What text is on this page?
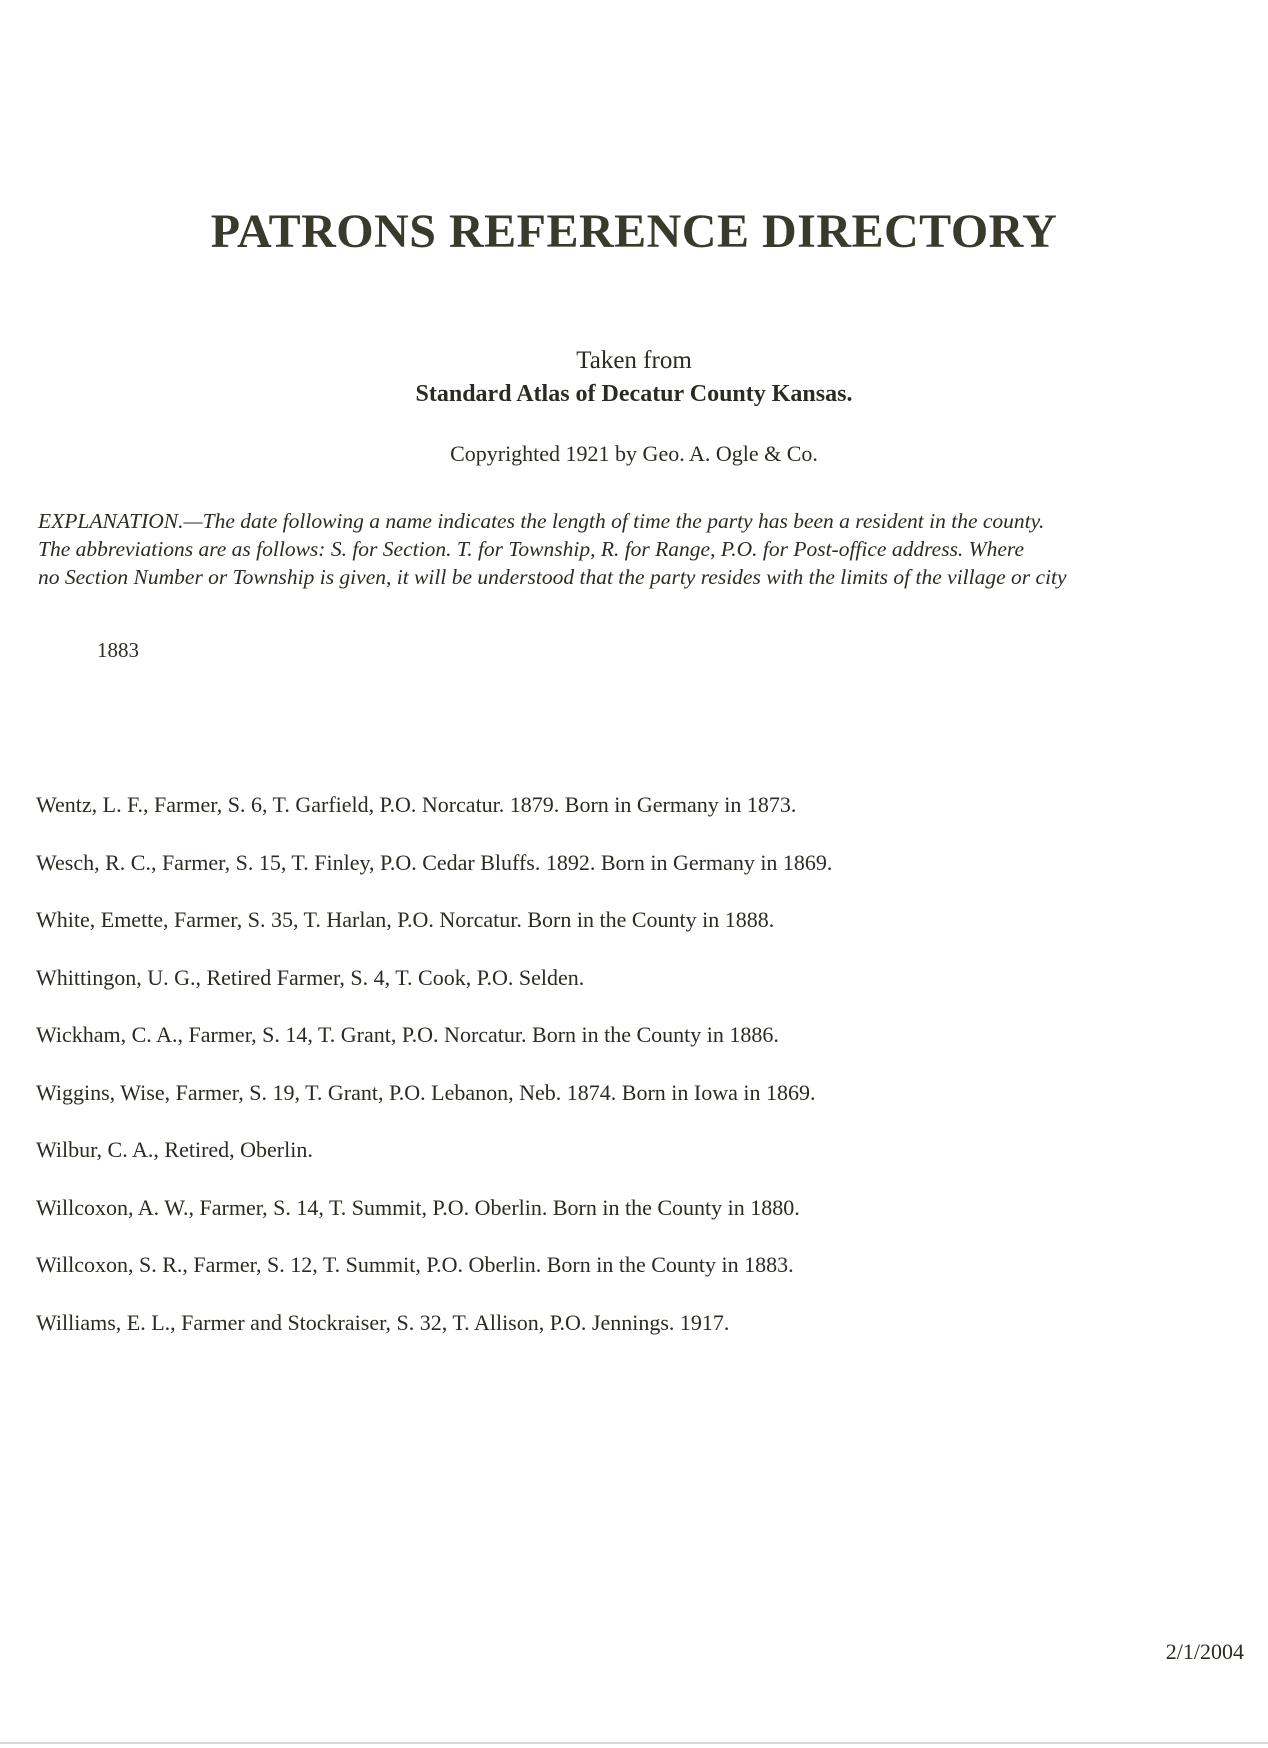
PATRONS REFERENCE DIRECTORY
Taken from
Standard Atlas of Decatur County Kansas.
Copyrighted 1921 by Geo. A. Ogle & Co.

EXPLANATION.—The date following a name indicates the length of time the party has been a resident in the county.
The abbreviations are as follows: S. for Section. T. for Township, R. for Range, P.O. for Post-office address. Where
no Section Number or Township is given, it will be understood that the party resides with the limits of the village or city

1883
Wentz, L. F., Farmer, S. 6, T. Garfield, P.O. Norcatur. 1879. Born in Germany in 1873.
Wesch, R. C., Farmer, S. 15, T. Finley, P.O. Cedar Bluffs. 1892. Born in Germany in 1869.
White, Emette, Farmer, S. 35, T. Harlan, P.O. Norcatur. Born in the County in 1888.
Whittingon, U. G., Retired Farmer, S. 4, T. Cook, P.O. Selden.
Wickham, C. A., Farmer, S. 14, T. Grant, P.O. Norcatur. Born in the County in 1886.
Wiggins, Wise, Farmer, S. 19, T. Grant, P.O. Lebanon, Neb. 1874. Born in Iowa in 1869.
Wilbur, C. A., Retired, Oberlin.
Willcoxon, A. W., Farmer, S. 14, T. Summit, P.O. Oberlin. Born in the County in 1880.
Willcoxon, S. R., Farmer, S. 12, T. Summit, P.O. Oberlin. Born in the County in 1883.
Williams, E. L., Farmer and Stockraiser, S. 32, T. Allison, P.O. Jennings. 1917.
2/1/2004
